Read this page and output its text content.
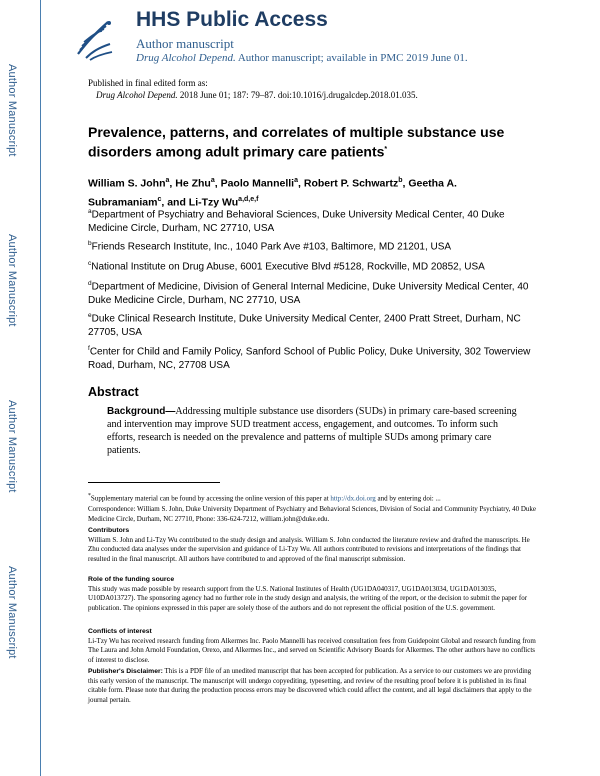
Author Manuscript
Author Manuscript
Author Manuscript
Author Manuscript
HHS Public Access
Author manuscript
Drug Alcohol Depend. Author manuscript; available in PMC 2019 June 01.
Published in final edited form as:
Drug Alcohol Depend. 2018 June 01; 187: 79–87. doi:10.1016/j.drugalcdep.2018.01.035.
Prevalence, patterns, and correlates of multiple substance use disorders among adult primary care patients*
William S. John$^a$, He Zhu$^a$, Paolo Mannelli$^a$, Robert P. Schwartz$^b$, Geetha A. Subramaniam$^c$, and Li-Tzy Wu$^{a,d,e,f}$
$^a$Department of Psychiatry and Behavioral Sciences, Duke University Medical Center, 40 Duke Medicine Circle, Durham, NC 27710, USA
$^b$Friends Research Institute, Inc., 1040 Park Ave #103, Baltimore, MD 21201, USA
$^c$National Institute on Drug Abuse, 6001 Executive Blvd #5128, Rockville, MD 20852, USA
$^d$Department of Medicine, Division of General Internal Medicine, Duke University Medical Center, 40 Duke Medicine Circle, Durham, NC 27710, USA
$^e$Duke Clinical Research Institute, Duke University Medical Center, 2400 Pratt Street, Durham, NC 27705, USA
$^f$Center for Child and Family Policy, Sanford School of Public Policy, Duke University, 302 Towerview Road, Durham, NC, 27708 USA
Abstract
Background—Addressing multiple substance use disorders (SUDs) in primary care-based screening and intervention may improve SUD treatment access, engagement, and outcomes. To inform such efforts, research is needed on the prevalence and patterns of multiple SUDs among primary care patients.
*Supplementary material can be found by accessing the online version of this paper at http://dx.doi.org and by entering doi: ...
Correspondence: William S. John, Duke University Department of Psychiatry and Behavioral Sciences, Division of Social and Community Psychiatry, 40 Duke Medicine Circle, Durham, NC 27710, Phone: 336-624-7212, william.john@duke.edu.
Contributors
William S. John and Li-Tzy Wu contributed to the study design and analysis. William S. John conducted the literature review and drafted the manuscripts. He Zhu conducted data analyses under the supervision and guidance of Li-Tzy Wu. All authors contributed to revisions and interpretations of the findings that resulted in the final manuscript. All authors have contributed to and approved of the final manuscript submission.
Role of the funding source
This study was made possible by research support from the U.S. National Institutes of Health (UG1DA040317, UG1DA013034, UG1DA013035, U10DA013727). The sponsoring agency had no further role in the study design and analysis, the writing of the report, or the decision to submit the paper for publication. The opinions expressed in this paper are solely those of the authors and do not represent the official position of the U.S. government.
Conflicts of interest
Li-Tzy Wu has received research funding from Alkermes Inc. Paolo Mannelli has received consultation fees from Guidepoint Global and research funding from The Laura and John Arnold Foundation, Orexo, and Alkermes Inc., and served on Scientific Advisory Boards for Alkermes. The other authors have no conflicts of interest to disclose.
Publisher's Disclaimer: This is a PDF file of an unedited manuscript that has been accepted for publication. As a service to our customers we are providing this early version of the manuscript. The manuscript will undergo copyediting, typesetting, and review of the resulting proof before it is published in its final citable form. Please note that during the production process errors may be discovered which could affect the content, and all legal disclaimers that apply to the journal pertain.
